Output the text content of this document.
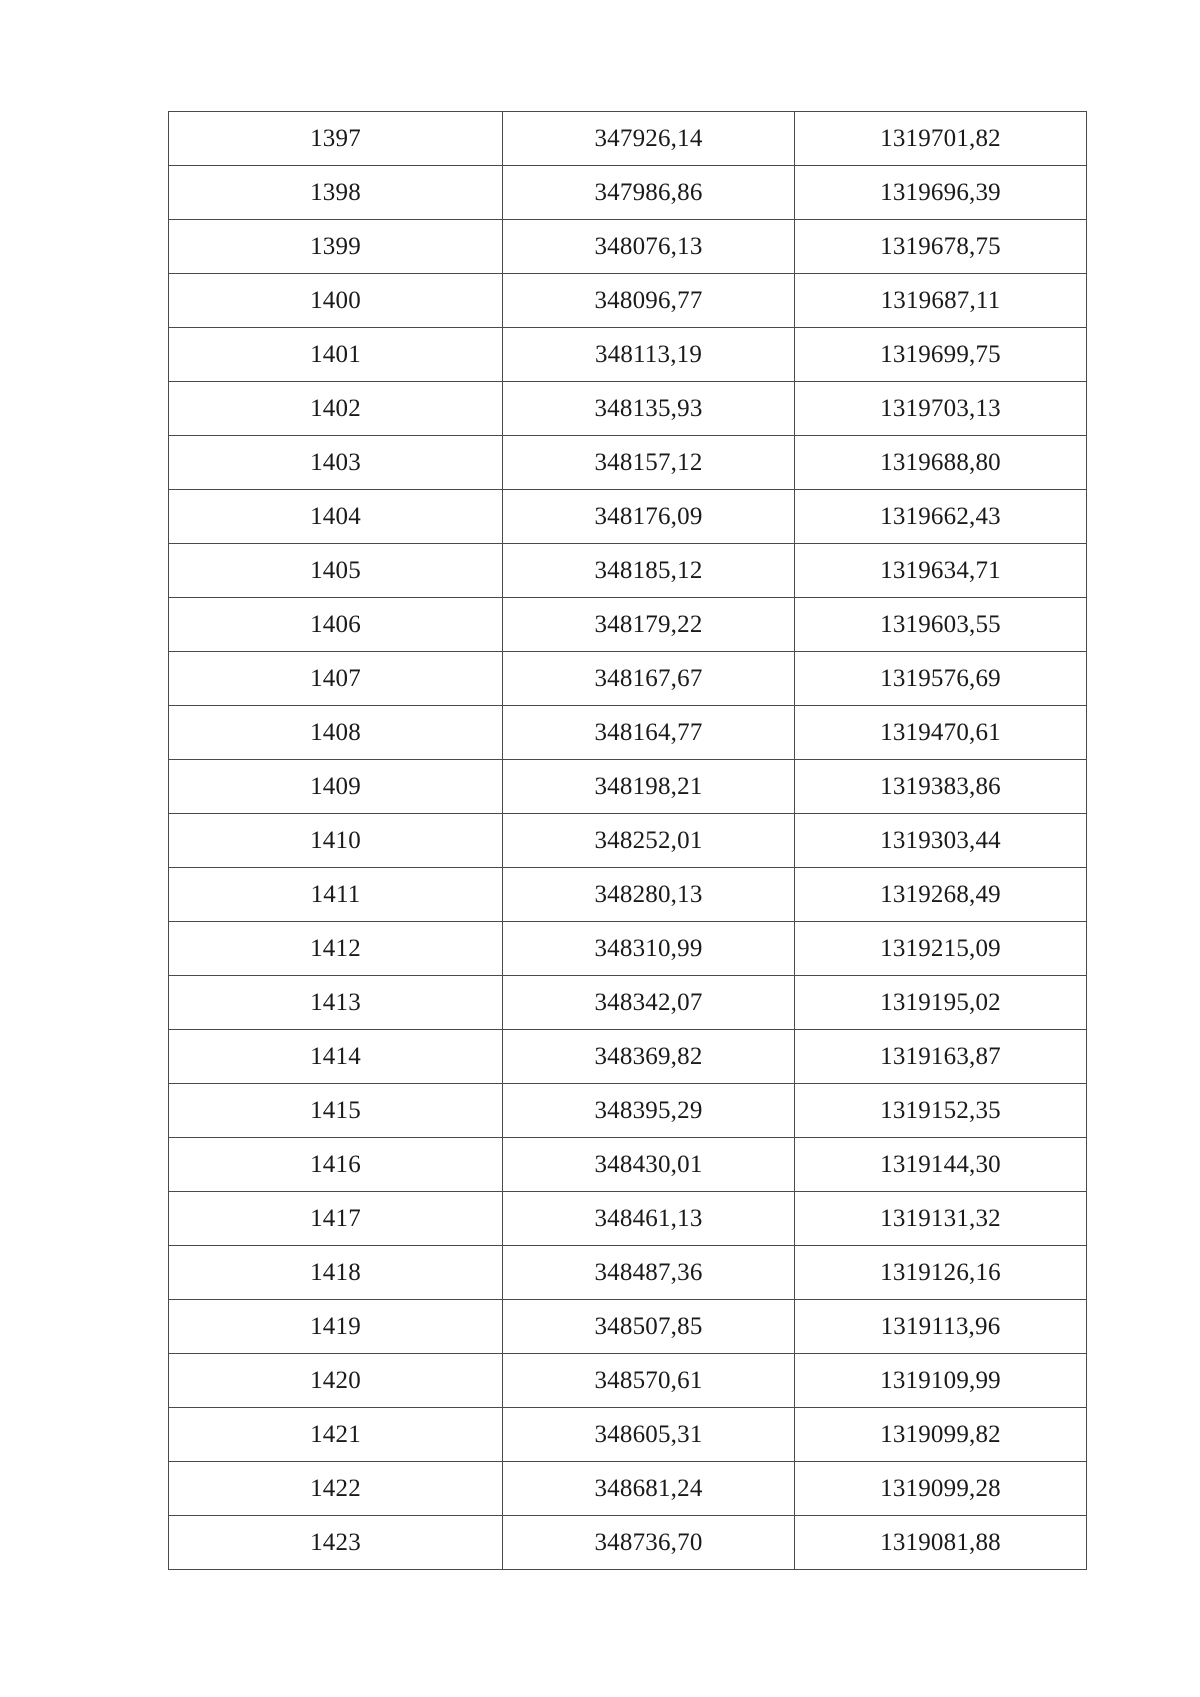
1397	347926,14	1319701,82
1398	347986,86	1319696,39
1399	348076,13	1319678,75
1400	348096,77	1319687,11
1401	348113,19	1319699,75
1402	348135,93	1319703,13
1403	348157,12	1319688,80
1404	348176,09	1319662,43
1405	348185,12	1319634,71
1406	348179,22	1319603,55
1407	348167,67	1319576,69
1408	348164,77	1319470,61
1409	348198,21	1319383,86
1410	348252,01	1319303,44
1411	348280,13	1319268,49
1412	348310,99	1319215,09
1413	348342,07	1319195,02
1414	348369,82	1319163,87
1415	348395,29	1319152,35
1416	348430,01	1319144,30
1417	348461,13	1319131,32
1418	348487,36	1319126,16
1419	348507,85	1319113,96
1420	348570,61	1319109,99
1421	348605,31	1319099,82
1422	348681,24	1319099,28
1423	348736,70	1319081,88
